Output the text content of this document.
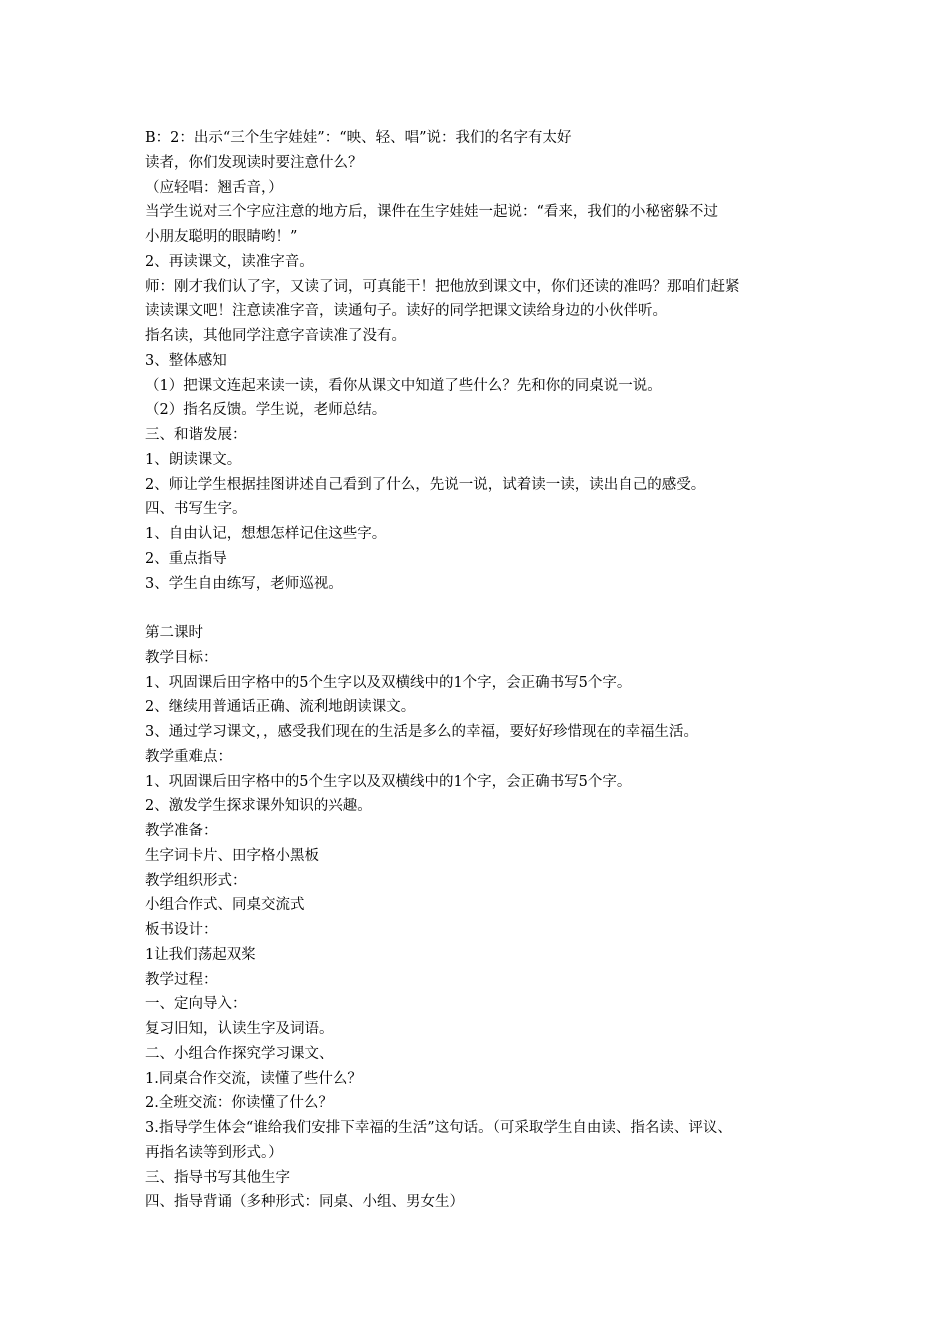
B：2：出示“三个生字娃娃”：“映、轻、唱”说：我们的名字有太好
读者，你们发现读时要注意什么？
（应轻唱：翘舌音，）
当学生说对三个字应注意的地方后，课件在生字娃娃一起说：“看来，我们的小秘密躲不过
小朋友聪明的眼睛哟！”
2、再读课文，读准字音。
师：刚才我们认了字，又读了词，可真能干！把他放到课文中，你们还读的准吗？那咱们赶紧
读读课文吧！注意读准字音，读通句子。读好的同学把课文读给身边的小伙伴听。
指名读，其他同学注意字音读准了没有。
3、整体感知
（1）把课文连起来读一读，看你从课文中知道了些什么？先和你的同桌说一说。
（2）指名反馈。学生说，老师总结。
三、和谐发展：
1、朗读课文。
2、师让学生根据挂图讲述自己看到了什么，先说一说，试着读一读，读出自己的感受。
四、书写生字。
1、自由认记，想想怎样记住这些字。
2、重点指导
3、学生自由练写，老师巡视。
第二课时
教学目标：
1、巩固课后田字格中的5个生字以及双横线中的1个字，会正确书写5个字。
2、继续用普通话正确、流利地朗读课文。
3、通过学习课文，，感受我们现在的生活是多么的幸福，要好好珍惜现在的幸福生活。
教学重难点：
1、巩固课后田字格中的5个生字以及双横线中的1个字，会正确书写5个字。
2、激发学生探求课外知识的兴趣。
教学准备：
生字词卡片、田字格小黑板
教学组织形式：
小组合作式、同桌交流式
板书设计：
1让我们荡起双桨
教学过程：
一、定向导入：
复习旧知，认读生字及词语。
二、小组合作探究学习课文、
1.同桌合作交流，读懂了些什么？
2.全班交流：你读懂了什么？
3.指导学生体会“谁给我们安排下幸福的生活”这句话。（可采取学生自由读、指名读、评议、
再指名读等到形式。）
三、指导书写其他生字
四、指导背诵（多种形式：同桌、小组、男女生）
